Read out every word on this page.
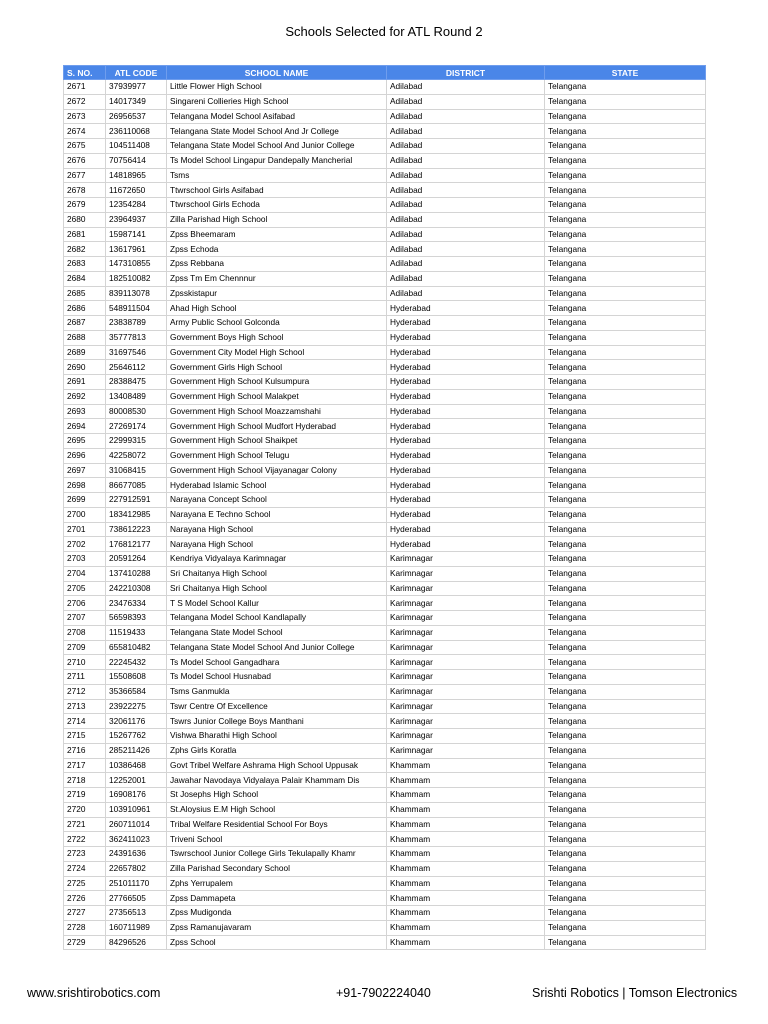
Schools Selected for ATL Round 2
S. NO.	ATL CODE	SCHOOL NAME	DISTRICT	STATE
2671	37939977	Little Flower High School	Adilabad	Telangana
2672	14017349	Singareni Collieries High School	Adilabad	Telangana
2673	26956537	Telangana Model School Asifabad	Adilabad	Telangana
2674	236110068	Telangana State Model School And Jr College	Adilabad	Telangana
2675	104511408	Telangana State Model School And Junior College	Adilabad	Telangana
2676	70756414	Ts Model School Lingapur Dandepally Mancherial	Adilabad	Telangana
2677	14818965	Tsms	Adilabad	Telangana
2678	11672650	Ttwrschool Girls Asifabad	Adilabad	Telangana
2679	12354284	Ttwrschool Girls Echoda	Adilabad	Telangana
2680	23964937	Zilla Parishad High School	Adilabad	Telangana
2681	15987141	Zpss Bheemaram	Adilabad	Telangana
2682	13617961	Zpss Echoda	Adilabad	Telangana
2683	147310855	Zpss Rebbana	Adilabad	Telangana
2684	182510082	Zpss Tm Em Chennnur	Adilabad	Telangana
2685	839113078	Zpsskistapur	Adilabad	Telangana
2686	548911504	Ahad High School	Hyderabad	Telangana
2687	23838789	Army Public School Golconda	Hyderabad	Telangana
2688	35777813	Government Boys High School	Hyderabad	Telangana
2689	31697546	Government City Model High School	Hyderabad	Telangana
2690	25646112	Government Girls High School	Hyderabad	Telangana
2691	28388475	Government High School Kulsumpura	Hyderabad	Telangana
2692	13408489	Government High School Malakpet	Hyderabad	Telangana
2693	80008530	Government High School Moazzamshahi	Hyderabad	Telangana
2694	27269174	Government High School Mudfort Hyderabad	Hyderabad	Telangana
2695	22999315	Government High School Shaikpet	Hyderabad	Telangana
2696	42258072	Government High School Telugu	Hyderabad	Telangana
2697	31068415	Government High School Vijayanagar Colony	Hyderabad	Telangana
2698	86677085	Hyderabad Islamic School	Hyderabad	Telangana
2699	227912591	Narayana Concept School	Hyderabad	Telangana
2700	183412985	Narayana E Techno School	Hyderabad	Telangana
2701	738612223	Narayana High School	Hyderabad	Telangana
2702	176812177	Narayana High School	Hyderabad	Telangana
2703	20591264	Kendriya Vidyalaya Karimnagar	Karimnagar	Telangana
2704	137410288	Sri Chaitanya High School	Karimnagar	Telangana
2705	242210308	Sri Chaitanya High School	Karimnagar	Telangana
2706	23476334	T S Model School Kallur	Karimnagar	Telangana
2707	56598393	Telangana Model School Kandlapally	Karimnagar	Telangana
2708	11519433	Telangana State Model School	Karimnagar	Telangana
2709	655810482	Telangana State Model School And Junior College	Karimnagar	Telangana
2710	22245432	Ts Model School Gangadhara	Karimnagar	Telangana
2711	15508608	Ts Model School Husnabad	Karimnagar	Telangana
2712	35366584	Tsms Ganmukla	Karimnagar	Telangana
2713	23922275	Tswr Centre Of Excellence	Karimnagar	Telangana
2714	32061176	Tswrs Junior College Boys Manthani	Karimnagar	Telangana
2715	15267762	Vishwa Bharathi High School	Karimnagar	Telangana
2716	285211426	Zphs Girls Koratla	Karimnagar	Telangana
2717	10386468	Govt Tribel Welfare Ashrama High School Uppusak	Khammam	Telangana
2718	12252001	Jawahar Navodaya Vidyalaya Palair Khammam Dis	Khammam	Telangana
2719	16908176	St Josephs High School	Khammam	Telangana
2720	103910961	St.Aloysius E.M High School	Khammam	Telangana
2721	260711014	Tribal Welfare Residential School For Boys	Khammam	Telangana
2722	362411023	Triveni School	Khammam	Telangana
2723	24391636	Tswrschool Junior College Girls Tekulapally Khamr	Khammam	Telangana
2724	22657802	Zilla Parishad Secondary School	Khammam	Telangana
2725	251011170	Zphs Yerrupalem	Khammam	Telangana
2726	27766505	Zpss Dammapeta	Khammam	Telangana
2727	27356513	Zpss Mudigonda	Khammam	Telangana
2728	160711989	Zpss Ramanujavaram	Khammam	Telangana
2729	84296526	Zpss School	Khammam	Telangana
www.srishtirobotics.com	+91-7902224040	Srishti Robotics | Tomson Electronics
